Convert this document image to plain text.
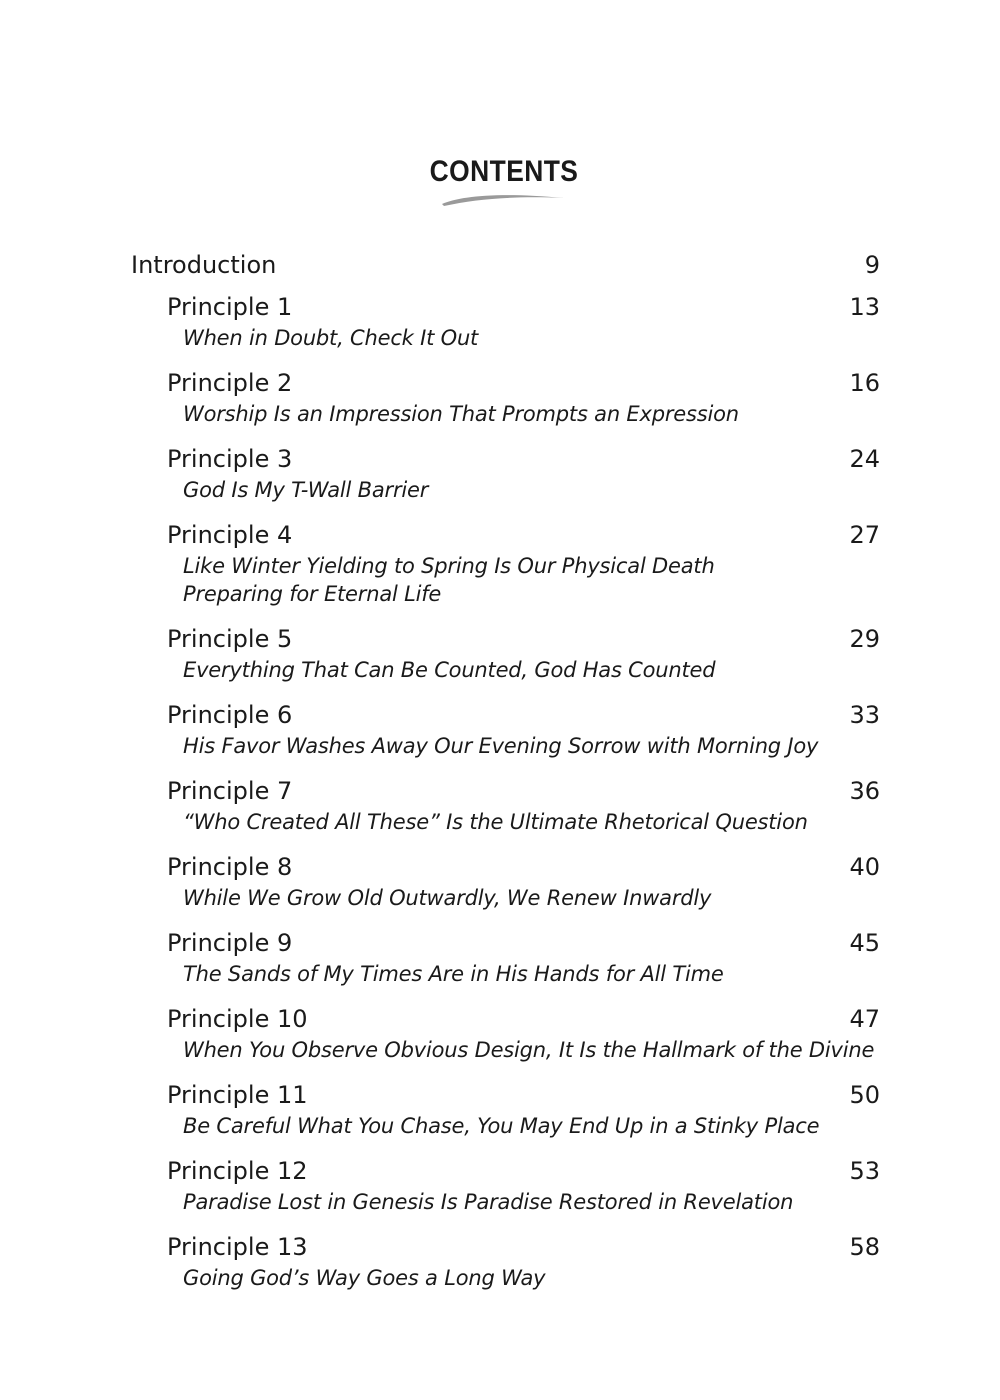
CONTENTS
Introduction	9
Principle 1	13
When in Doubt, Check It Out
Principle 2	16
Worship Is an Impression That Prompts an Expression
Principle 3	24
God Is My T-Wall Barrier
Principle 4	27
Like Winter Yielding to Spring Is Our Physical Death
Preparing for Eternal Life
Principle 5	29
Everything That Can Be Counted, God Has Counted
Principle 6	33
His Favor Washes Away Our Evening Sorrow with Morning Joy
Principle 7	36
“Who Created All These” Is the Ultimate Rhetorical Question
Principle 8	40
While We Grow Old Outwardly, We Renew Inwardly
Principle 9	45
The Sands of My Times Are in His Hands for All Time
Principle 10	47
When You Observe Obvious Design, It Is the Hallmark of the Divine
Principle 11	50
Be Careful What You Chase, You May End Up in a Stinky Place
Principle 12	53
Paradise Lost in Genesis Is Paradise Restored in Revelation
Principle 13	58
Going God’s Way Goes a Long Way
